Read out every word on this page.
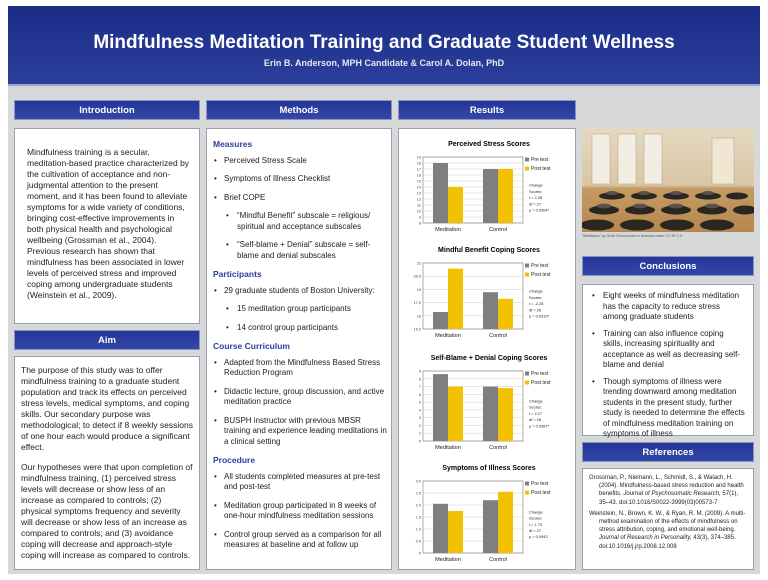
Mindfulness Meditation Training and Graduate Student Wellness
Erin B. Anderson, MPH Candidate & Carol A. Dolan, PhD
Introduction
Mindfulness training is a secular, meditation-based practice characterized by the cultivation of acceptance and non-judgmental attention to the present moment, and it has been found to alleviate symptoms for a wide variety of conditions, bringing cost-effective improvements in both physical health and psychological wellbeing (Grossman et al., 2004). Previous research has shown that mindfulness has been associated in lower levels of perceived stress and improved coping among undergraduate students (Weinstein et al., 2009).
Aim
The purpose of this study was to offer mindfulness training to a graduate student population and track its effects on perceived stress levels, medical symptoms, and coping skills. Our secondary purpose was methodological; to detect if 8 weekly sessions of one hour each would produce a significant effect.
Our hypotheses were that upon completion of mindfulness training, (1) perceived stress levels will decrease or show less of an increase as compared to controls; (2) physical symptoms frequency and severity will decrease or show less of an increase as compared to controls; and (3) avoidance coping will decrease and approach-style coping will increase as compared to controls.
Methods
Measures
• Perceived Stress Scale
• Symptoms of Illness Checklist
• Brief COPE
• “Mindful Benefit” subscale = religious/ spiritual and acceptance subscales
• “Self-blame + Denial” subscale = self-blame and denial subscales
Participants
• 29 graduate students of Boston University:
• 15 meditation group participants
• 14 control group participants
Course Curriculum
• Adapted from the Mindfulness Based Stress Reduction Program
• Didactic lecture, group discussion, and active meditation practice
• BUSPH instructor with previous MBSR training and experience leading meditations in a clinical setting
Procedure
• All students completed measures at pre-test and post-test
• Meditation group participated in 8 weeks of one-hour mindfulness meditation sessions
• Control group served as a comparison for all measures at baseline and at follow up
Results
Perceived Stress Scores
8
9
10
11
12
13
14
15
16
17
18
19
Meditation	Control
Pre test
Post test
Change
Scores:
t = 2.28
df = 27
p = 0.0304*
Mindful Benefit Coping Scores
15.0
16
17.5
19
20.5
22
Meditation	Control
Pre test
Post test
Change
Scores:
t = -2.28
df = 26
p = 0.0310*
Self-Blame + Denial Coping Scores
0
1
2
3
4
5
6
7
8
9
Meditation	Control
Pre test
Post test
Change
Scores:
t = 2.17
df = 26
p = 0.0387*
Symptoms of Illness Scores
0
0.5
1.0
1.5
2.0
2.5
3.0
Meditation	Control
Pre test
Post test
Change
Scores:
t = 1.73
df = 27
p = 0.0943
"Meditation" by Scott Schumacher is licensed under CC BY 2.0
Conclusions
• Eight weeks of mindfulness meditation has the capacity to reduce stress among graduate students
• Training can also influence coping skills, increasing spirituality and acceptance as well as decreasing self-blame and denial
• Though symptoms of illness were trending downward among meditation students in the present study, further study is needed to determine the effects of mindfulness meditation training on symptoms of illness
References

Grossman, P., Niemann, L., Schmidt, S., & Walach, H. (2004). Mindfulness-based stress reduction and health benefits. Journal of Psychosomatic Research, 57(1), 35–43. doi:10.1016/S0022-3999(03)00573-7

Weinstein, N., Brown, K. W., & Ryan, R. M. (2009). A multi-method examination of the effects of mindfulness on stress attribution, coping, and emotional well-being. Journal of Research in Personality, 43(3), 374–385. doi:10.1016/j.jrp.2008.12.008
